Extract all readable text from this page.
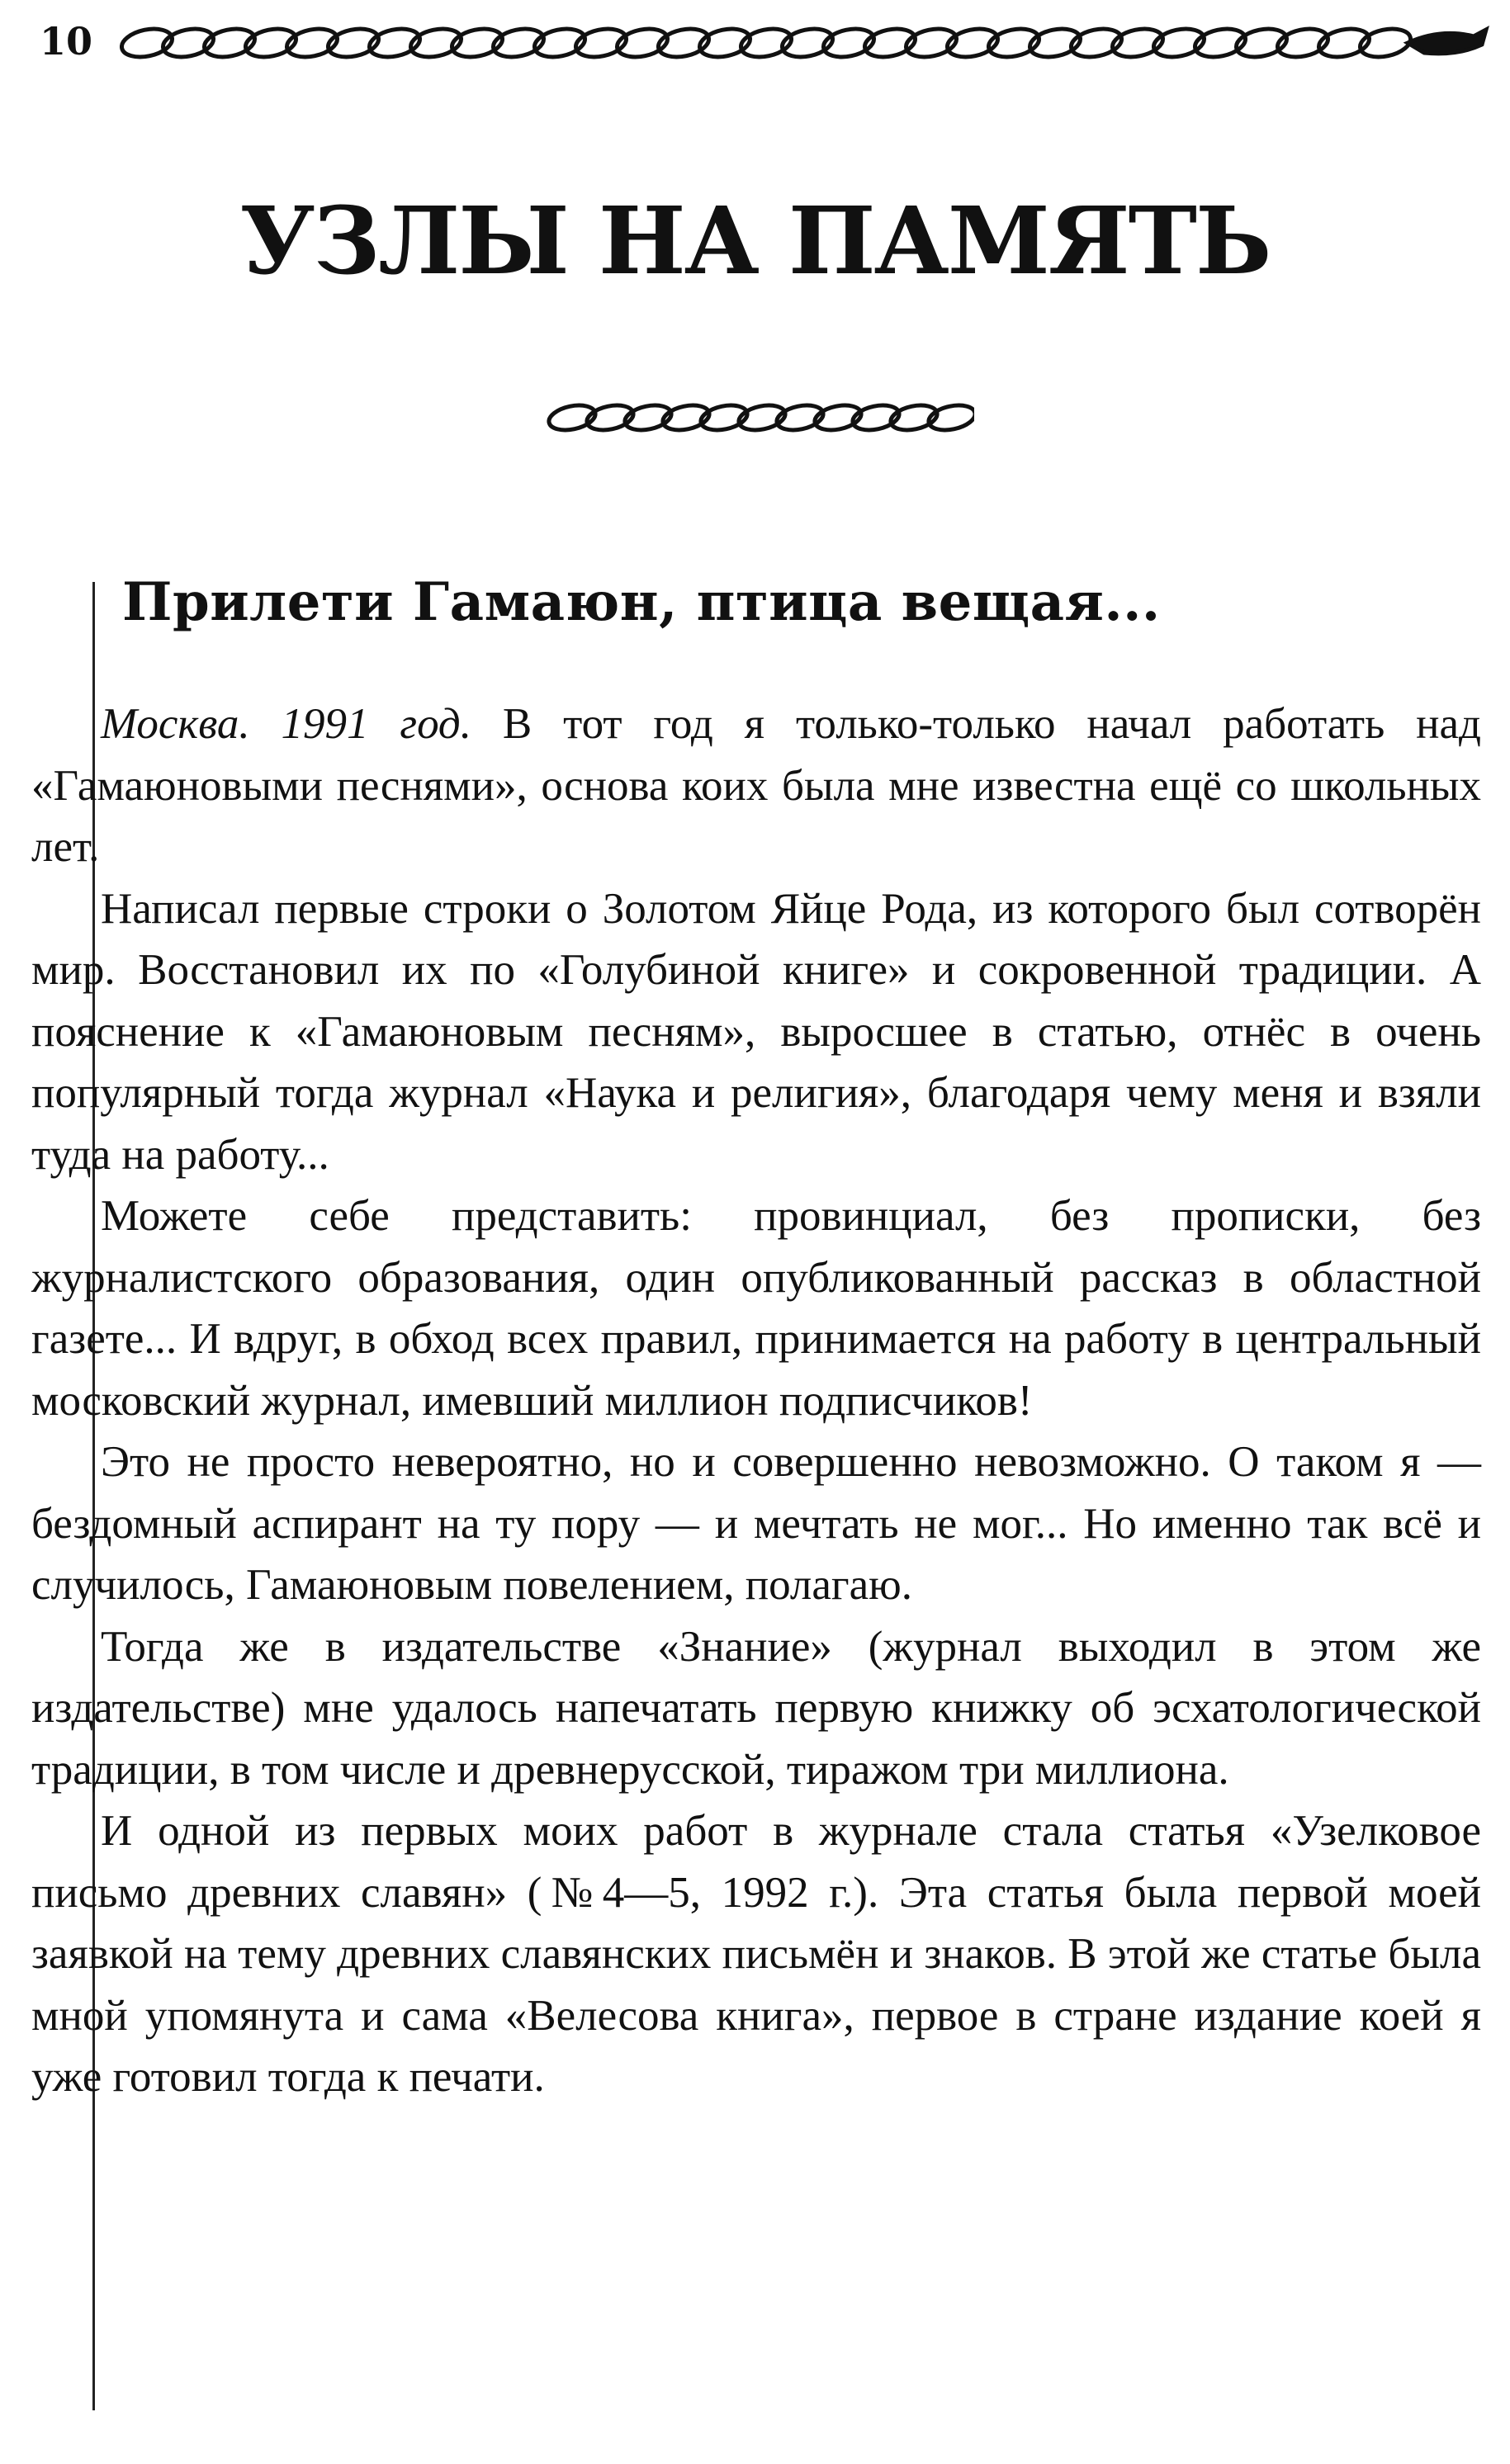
10
УЗЛЫ НА ПАМЯТЬ
Прилети Гамаюн, птица вещая...

Москва. 1991 год. В тот год я только-только начал работать над «Гамаюновыми песнями», основа коих была мне известна ещё со школьных лет.

Написал первые строки о Золотом Яйце Рода, из которого был сотворён мир. Восстановил их по «Голубиной книге» и сокровенной традиции. А пояснение к «Гамаюновым песням», выросшее в статью, отнёс в очень популярный тогда журнал «Наука и религия», благодаря чему меня и взяли туда на работу...

Можете себе представить: провинциал, без прописки, без журналистского образования, один опубликованный рассказ в областной газете... И вдруг, в обход всех правил, принимается на работу в центральный московский журнал, имевший миллион подписчиков!

Это не просто невероятно, но и совершенно невозможно. О таком я — бездомный аспирант на ту пору — и мечтать не мог... Но именно так всё и случилось, Гамаюновым повелением, полагаю.

Тогда же в издательстве «Знание» (журнал выходил в этом же издательстве) мне удалось напечатать первую книжку об эсхатологической традиции, в том числе и древнерусской, тиражом три миллиона.

И одной из первых моих работ в журнале стала статья «Узелковое письмо древних славян» (№4—5, 1992 г.). Эта статья была первой моей заявкой на тему древних славянских письмён и знаков. В этой же статье была мной упомянута и сама «Велесова книга», первое в стране издание коей я уже готовил тогда к печати.
